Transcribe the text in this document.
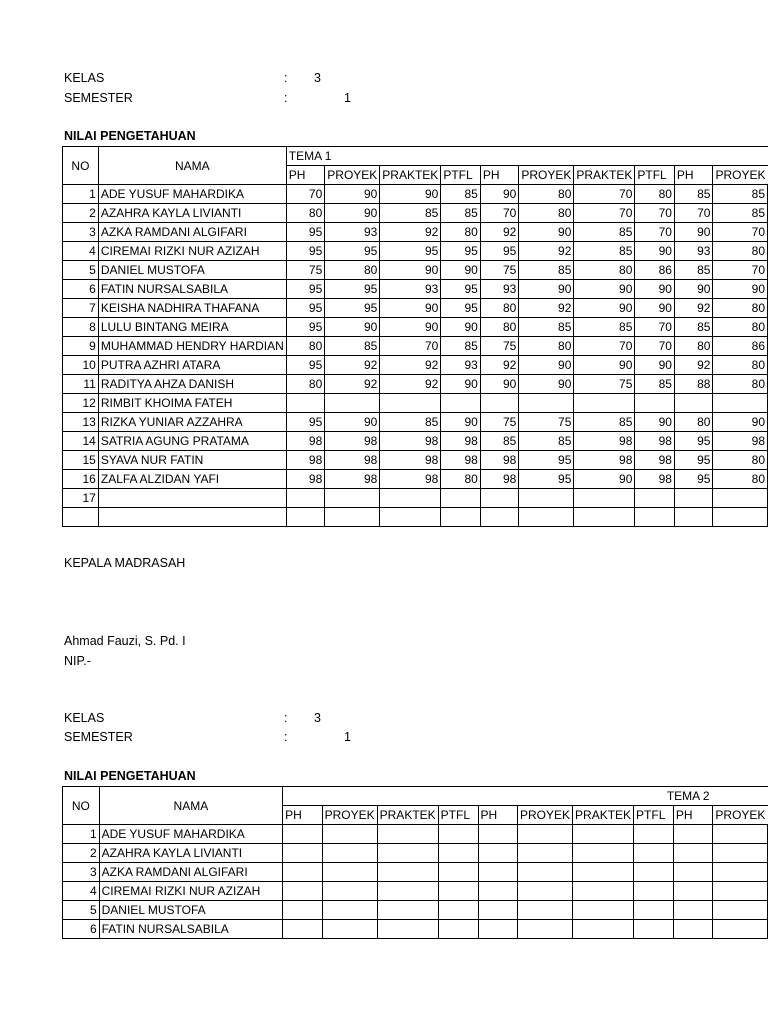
KELAS	: 3
SEMESTER	:	1
NILAI PENGETAHUAN
NO	NAMA	TEMA 1									
		PH	PROYEK	PRAKTEK	PTFL	PH	PROYEK	PRAKTEK	PTFL	PH	PROYEK
1	ADE YUSUF MAHARDIKA	70	90	90	85	90	80	70	80	85	85
2	AZAHRA KAYLA LIVIANTI	80	90	85	85	70	80	70	70	70	85
3	AZKA RAMDANI ALGIFARI	95	93	92	80	92	90	85	70	90	70
4	CIREMAI RIZKI NUR AZIZAH	95	95	95	95	95	92	85	90	93	80
5	DANIEL MUSTOFA	75	80	90	90	75	85	80	86	85	70
6	FATIN NURSALSABILA	95	95	93	95	93	90	90	90	90	90
7	KEISHA NADHIRA THAFANA	95	95	90	95	80	92	90	90	92	80
8	LULU BINTANG MEIRA	95	90	90	90	80	85	85	70	85	80
9	MUHAMMAD HENDRY HARDIAN	80	85	70	85	75	80	70	70	80	86
10	PUTRA AZHRI ATARA	95	92	92	93	92	90	90	90	92	80
11	RADITYA AHZA DANISH	80	92	92	90	90	90	75	85	88	80
12	RIMBIT KHOIMA FATEH										
13	RIZKA YUNIAR AZZAHRA	95	90	85	90	75	75	85	90	80	90
14	SATRIA AGUNG PRATAMA	98	98	98	98	85	85	98	98	95	98
15	SYAVA NUR FATIN	98	98	98	98	98	95	98	98	95	80
16	ZALFA ALZIDAN YAFI	98	98	98	80	98	95	90	98	95	80
17											

KEPALA MADRASAH
Ahmad Fauzi, S. Pd. I
NIP.-
KELAS	: 3
SEMESTER	:	1
NILAI PENGETAHUAN
NO	NAMA	TEMA 2									
		PH	PROYEK	PRAKTEK	PTFL	PH	PROYEK	PRAKTEK	PTFL	PH	PROYEK
1	ADE YUSUF MAHARDIKA										
2	AZAHRA KAYLA LIVIANTI										
3	AZKA RAMDANI ALGIFARI										
4	CIREMAI RIZKI NUR AZIZAH										
5	DANIEL MUSTOFA										
6	FATIN NURSALSABILA										
